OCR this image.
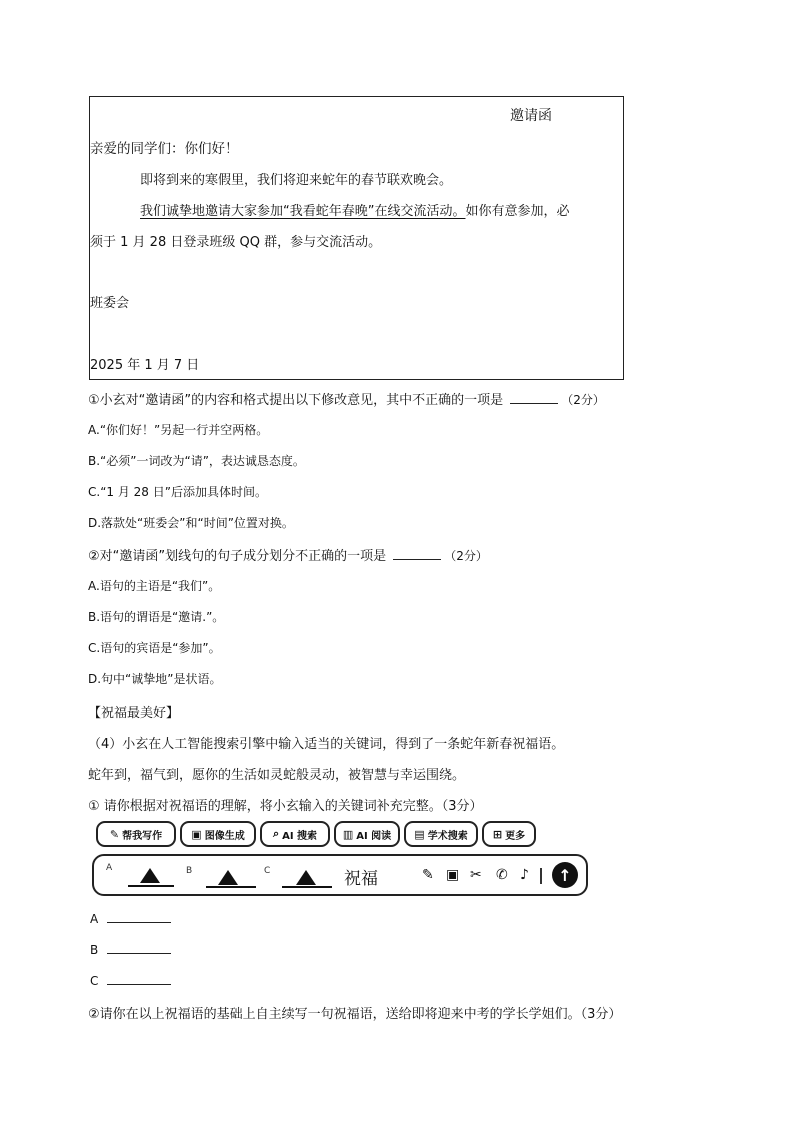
邀请函
亲爱的同学们：你们好！
即将到来的寒假里，我们将迎来蛇年的春节联欢晚会。
我们诚挚地邀请大家参加“我看蛇年春晚”在线交流活动。如你有意参加，必
须于 1 月 28 日登录班级 QQ 群，参与交流活动。
班委会
2025 年 1 月 7 日
①小玄对“邀请函”的内容和格式提出以下修改意见，其中不正确的一项是	（2分）
A.“你们好！”另起一行并空两格。
B.“必须”一词改为“请”，表达诚恳态度。
C.“1 月 28 日”后添加具体时间。
D.落款处“班委会”和“时间”位置对换。
②对“邀请函”划线句的句子成分划分不正确的一项是	（2分）
A.语句的主语是“我们”。
B.语句的谓语是“邀请.”。
C.语句的宾语是“参加”。
D.句中“诚挚地”是状语。
【祝福最美好】
（4）小玄在人工智能搜索引擎中输入适当的关键词，得到了一条蛇年新春祝福语。
蛇年到，福气到，愿你的生活如灵蛇般灵动，被智慧与幸运围绕。
① 请你根据对祝福语的理解，将小玄输入的关键词补充完整。（3分）
✎ 帮我写作	▣ 图像生成	⌕ AI 搜索 ▥ AI 阅读 ▤ 学术搜索 ⊞ 更多
A	B	C	祝福	✎ ▣ ✂ ✆ ♪ ↑
A
B
C
②请你在以上祝福语的基础上自主续写一句祝福语，送给即将迎来中考的学长学姐们。（3分）
